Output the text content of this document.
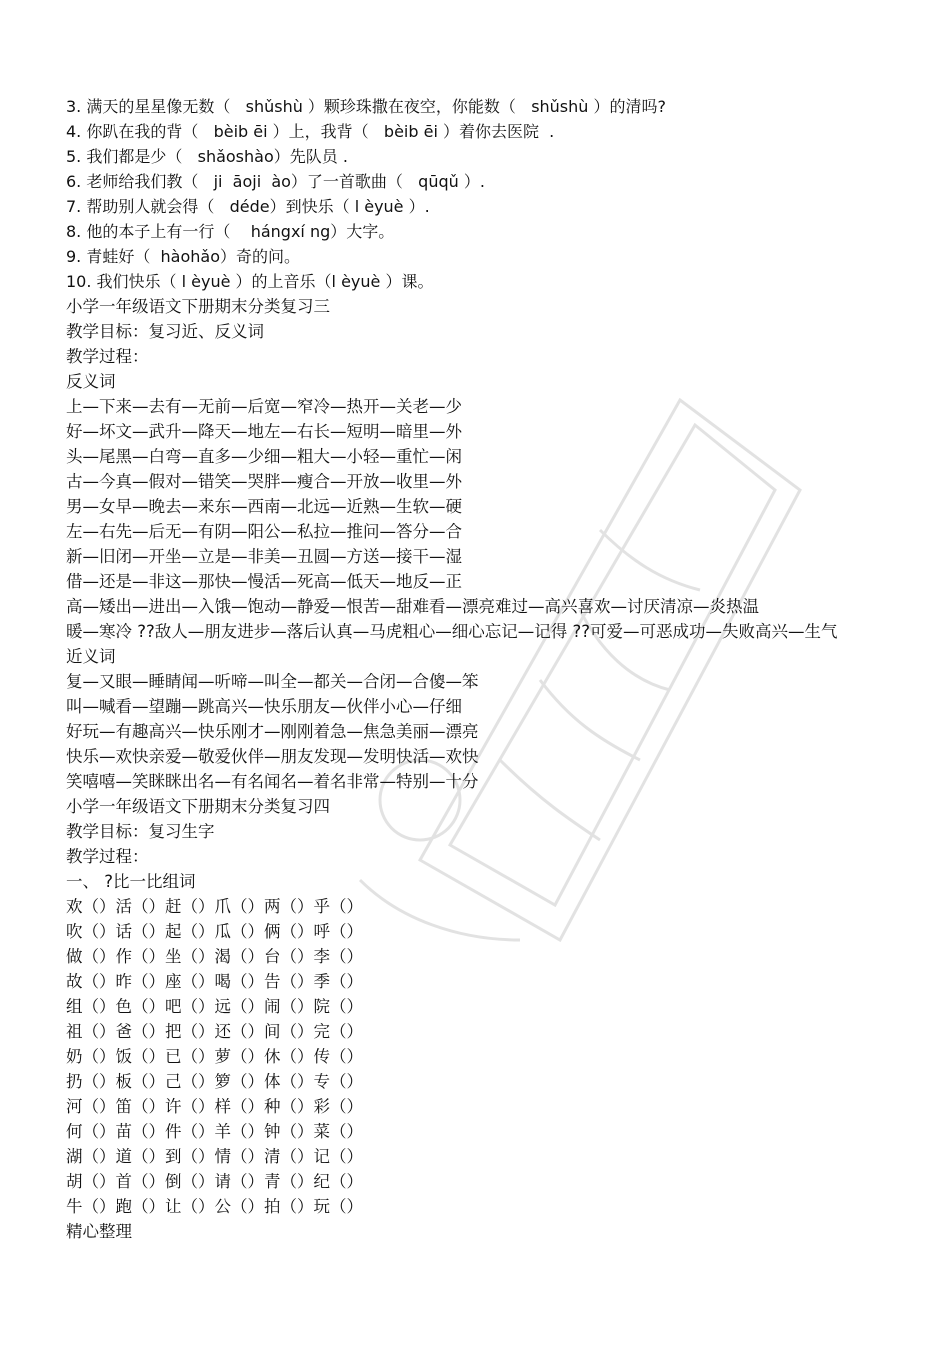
3. 满天的星星像无数（   shǔshù ）颗珍珠撒在夜空，你能数（   shǔshù ）的清吗?
4. 你趴在我的背（   bèib ēi ）上，我背（   bèib ēi ）着你去医院  .
5. 我们都是少（   shǎoshào）先队员 .
6. 老师给我们教（   ji  āoji  ào）了一首歌曲（   qūqǔ ）.
7. 帮助别人就会得（   déde）到快乐（ l èyuè ）.
8. 他的本子上有一行（    hángxí ng）大字。
9. 青蛙好（  hàohǎo）奇的问。
10. 我们快乐（ l èyuè ）的上音乐（l èyuè ）课。
小学一年级语文下册期末分类复习三
教学目标：复习近、反义词
教学过程：
反义词
上—下来—去有—无前—后宽—窄冷—热开—关老—少
好—坏文—武升—降天—地左—右长—短明—暗里—外
头—尾黑—白弯—直多—少细—粗大—小轻—重忙—闲
古—今真—假对—错笑—哭胖—瘦合—开放—收里—外
男—女早—晚去—来东—西南—北远—近熟—生软—硬
左—右先—后无—有阴—阳公—私拉—推问—答分—合
新—旧闭—开坐—立是—非美—丑圆—方送—接干—湿
借—还是—非这—那快—慢活—死高—低天—地反—正
高—矮出—进出—入饿—饱动—静爱—恨苦—甜难看—漂亮难过—高兴喜欢—讨厌清凉—炎热温
暖—寒冷 ??敌人—朋友进步—落后认真—马虎粗心—细心忘记—记得 ??可爱—可恶成功—失败高兴—生气
近义词
复—又眼—睡睛闻—听啼—叫全—都关—合闭—合傻—笨
叫—喊看—望蹦—跳高兴—快乐朋友—伙伴小心—仔细
好玩—有趣高兴—快乐刚才—刚刚着急—焦急美丽—漂亮
快乐—欢快亲爱—敬爱伙伴—朋友发现—发明快活—欢快
笑嘻嘻—笑眯眯出名—有名闻名—着名非常—特别—十分
小学一年级语文下册期末分类复习四
教学目标：复习生字
教学过程：
一、 ?比一比组词
欢（）活（）赶（）爪（）两（）乎（）
吹（）话（）起（）瓜（）俩（）呼（）
做（）作（）坐（）渴（）台（）李（）
故（）昨（）座（）喝（）告（）季（）
组（）色（）吧（）远（）闹（）院（）
祖（）爸（）把（）还（）间（）完（）
奶（）饭（）已（）萝（）休（）传（）
扔（）板（）己（）箩（）体（）专（）
河（）笛（）许（）样（）种（）彩（）
何（）苗（）件（）羊（）钟（）菜（）
湖（）道（）到（）情（）清（）记（）
胡（）首（）倒（）请（）青（）纪（）
牛（）跑（）让（）公（）拍（）玩（）
精心整理
